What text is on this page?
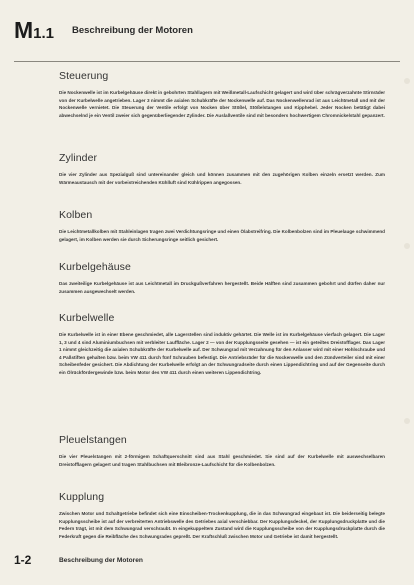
M1.1 Beschreibung der Motoren
Steuerung

Die Nockenwelle ist im Kurbelgehäuse direkt in gebohrten Stahllagern mit Weißmetall-Laufschicht gelagert und wird über schrägverzahnte Stirnräder von der Kurbelwelle angetrieben. Lager 3 nimmt die axialen Schubkräfte der Nockenwelle auf. Das Nockenwellenrad ist aus Leichtmetall und mit der Nockenwelle vernietet. Die Steuerung der Ventile erfolgt von Nocken über Stößel, Stößelstangen und Kipphebel. Jeder Nocken betätigt dabei abwechselnd je ein Ventil zweier sich gegenüberliegender Zylinder. Die Auslaßventile sind mit besonders hochwertigem Chromnickelstahl gepanzert.

Zylinder

Die vier Zylinder aus Spezialguß sind untereinander gleich und können zusammen mit den zugehörigen Kolben einzeln ersetzt werden. Zum Wärmeaustausch mit der vorbeistreichenden Kühlluft sind Kühlrippen angegossen.

Kolben

Die Leichtmetallkolben mit Stahleinlagen tragen zwei Verdichtungsringe und einen Ölabstreifring. Die Kolbenbolzen sind im Pleuelauge schwimmend gelagert, im Kolben werden sie durch Sicherungsringe seitlich gesichert.

Kurbelgehäuse

Das zweiteilige Kurbelgehäuse ist aus Leichtmetall im Druckgußverfahren hergestellt. Beide Hälften sind zusammen gebohrt und dürfen daher nur zusammen ausgewechselt werden.

Kurbelwelle

Die Kurbelwelle ist in einer Ebene geschmiedet, alle Lagerstellen sind induktiv gehärtet. Die Welle ist im Kurbelgehäuse vierfach gelagert. Die Lager 1, 3 und 4 sind Aluminiumbuchsen mit verbleiter Lauffläche. Lager 2 — von der Kupplungsseite gesehen — ist ein geteiltes Dreistofflager. Das Lager 1 nimmt gleichzeitig die axialen Schubkräfte der Kurbelwelle auf. Der Schwungrad mit Verzahnung für den Anlasser wird mit einer Hohlschraube und 4 Paßstiften gehalten bzw. beim VW 411 durch fünf Schrauben befestigt. Die Antriebsräder für die Nockenwelle und den Zündverteiler sind mit einer Scheibenfeder gesichert. Die Abdichtung der Kurbelwelle erfolgt an der Schwungradseite durch einen Lippendichtring und auf der Gegenseite durch ein Ölrückfördergewinde bzw. beim Motor des VW 411 durch einen weiteren Lippendichtring.

Pleuelstangen

Die vier Pleuelstangen mit 2-förmigem Schaftquerschnitt sind aus Stahl geschmiedet. Sie sind auf der Kurbelwelle mit auswechselbaren Dreistofflagern gelagert und tragen Stahlbuchsen mit Bleibronze-Laufschicht für die Kolbenbolzen.

Kupplung

Zwischen Motor und Schaltgetriebe befindet sich eine Einscheiben-Trockenkupplung, die in das Schwungrad eingebaut ist. Die beiderseitig belegte Kupplungsscheibe ist auf der verbreiterten Antriebswelle des Getriebes axial verschiebbar. Der Kupplungsdeckel, der Kupplungsdruckplatte und die Federn trägt, ist mit dem Schwungrad verschraubt. In eingekuppeltem Zustand wird die Kupplungsscheibe von der Kupplungsdruckplatte durch die Federkraft gegen die Reibfläche des Schwungrades gepreßt. Der Kraftschluß zwischen Motor und Getriebe ist damit hergestellt.

1-2	Beschreibung der Motoren
